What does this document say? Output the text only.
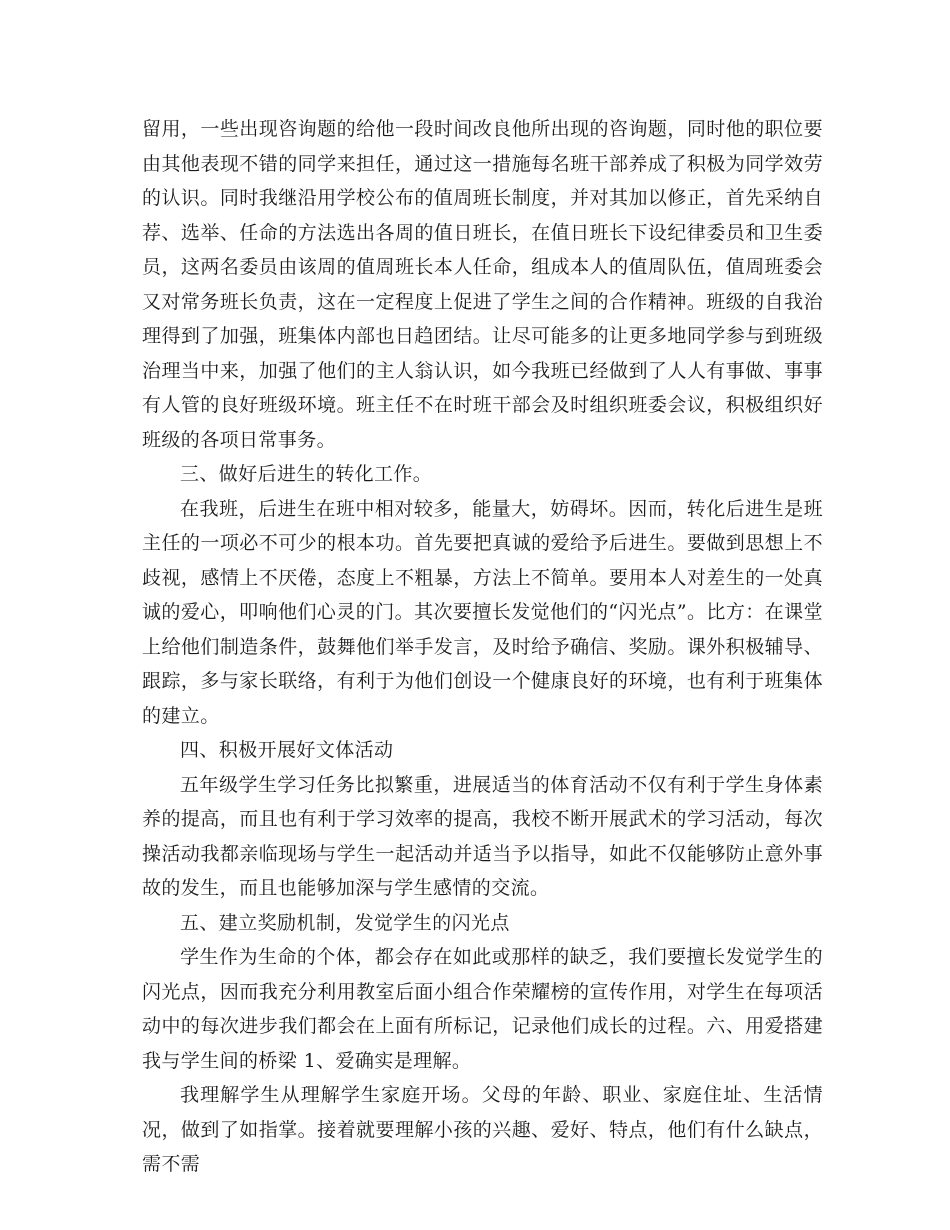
留用，一些出现咨询题的给他一段时间改良他所出现的咨询题，同时他的职位要由其他表现不错的同学来担任，通过这一措施每名班干部养成了积极为同学效劳的认识。同时我继沿用学校公布的值周班长制度，并对其加以修正，首先采纳自荐、选举、任命的方法选出各周的值日班长，在值日班长下设纪律委员和卫生委员，这两名委员由该周的值周班长本人任命，组成本人的值周队伍，值周班委会又对常务班长负责，这在一定程度上促进了学生之间的合作精神。班级的自我治理得到了加强，班集体内部也日趋团结。让尽可能多的让更多地同学参与到班级治理当中来，加强了他们的主人翁认识，如今我班已经做到了人人有事做、事事有人管的良好班级环境。班主任不在时班干部会及时组织班委会议，积极组织好班级的各项日常事务。

三、做好后进生的转化工作。

在我班，后进生在班中相对较多，能量大，妨碍坏。因而，转化后进生是班主任的一项必不可少的根本功。首先要把真诚的爱给予后进生。要做到思想上不歧视，感情上不厌倦，态度上不粗暴，方法上不简单。要用本人对差生的一处真诚的爱心，叩响他们心灵的门。其次要擅长发觉他们的“闪光点”。比方：在课堂上给他们制造条件，鼓舞他们举手发言，及时给予确信、奖励。课外积极辅导、跟踪，多与家长联络，有利于为他们创设一个健康良好的环境，也有利于班集体的建立。

四、积极开展好文体活动

五年级学生学习任务比拟繁重，进展适当的体育活动不仅有利于学生身体素养的提高，而且也有利于学习效率的提高，我校不断开展武术的学习活动，每次操活动我都亲临现场与学生一起活动并适当予以指导，如此不仅能够防止意外事故的发生，而且也能够加深与学生感情的交流。

五、建立奖励机制，发觉学生的闪光点

学生作为生命的个体，都会存在如此或那样的缺乏，我们要擅长发觉学生的闪光点，因而我充分利用教室后面小组合作荣耀榜的宣传作用，对学生在每项活动中的每次进步我们都会在上面有所标记，记录他们成长的过程。六、用爱搭建我与学生间的桥梁 1、爱确实是理解。

我理解学生从理解学生家庭开场。父母的年龄、职业、家庭住址、生活情况，做到了如指掌。接着就要理解小孩的兴趣、爱好、特点，他们有什么缺点，需不需
